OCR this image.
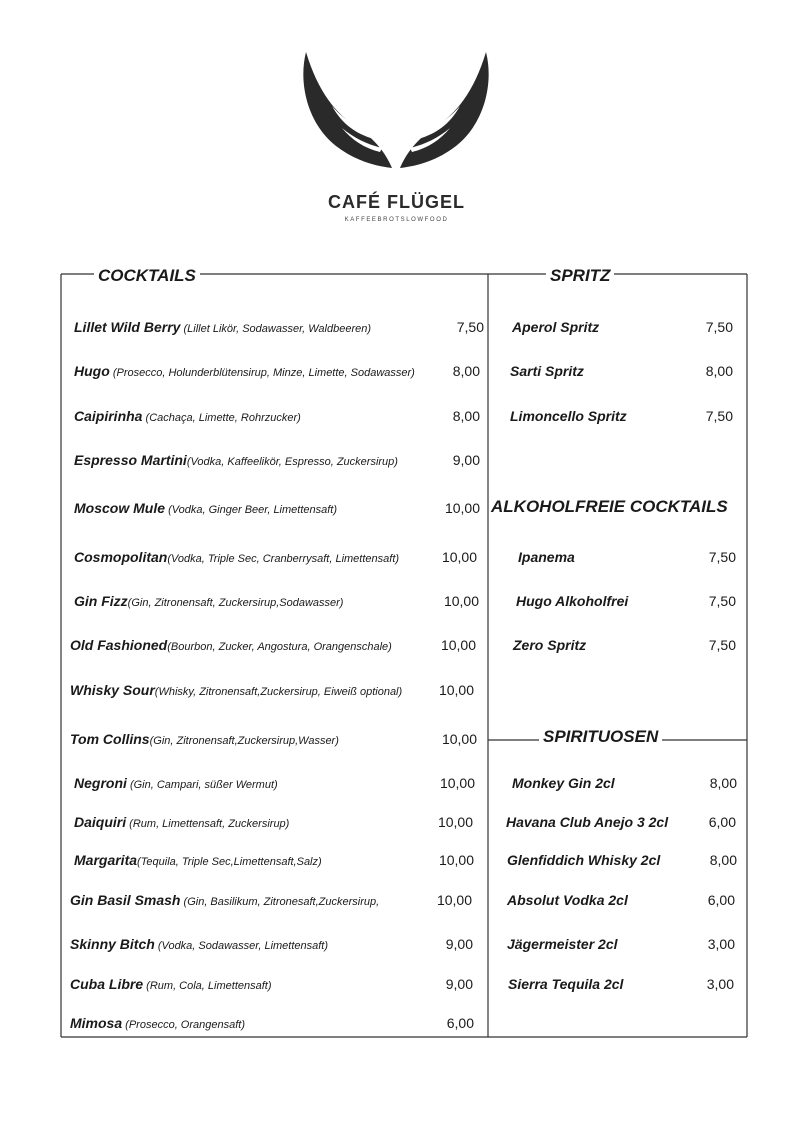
CAFÉ FLÜGEL
KAFFEEBROTSLOWFOOD
COCKTAILS	SPRITZ
ALKOHOLFREIE COCKTAILS
SPIRITUOSEN
Lillet Wild Berry (Lillet Likör, Sodawasser, Waldbeeren)	7,50
Hugo (Prosecco, Holunderblütensirup, Minze, Limette, Sodawasser)	8,00
Caipirinha (Cachaça, Limette, Rohrzucker)	8,00
Espresso Martini(Vodka, Kaffeelikör, Espresso, Zuckersirup)	9,00
Moscow Mule (Vodka, Ginger Beer, Limettensaft)	10,00
Cosmopolitan(Vodka, Triple Sec, Cranberrysaft, Limettensaft)	10,00
Gin Fizz(Gin, Zitronensaft, Zuckersirup,Sodawasser)	10,00
Old Fashioned(Bourbon, Zucker, Angostura, Orangenschale)	10,00
Whisky Sour(Whisky, Zitronensaft,Zuckersirup, Eiweiß optional)	10,00
Tom Collins(Gin, Zitronensaft,Zuckersirup,Wasser)	10,00
Negroni (Gin, Campari, süßer Wermut)	10,00
Daiquiri (Rum, Limettensaft, Zuckersirup)	10,00
Margarita(Tequila, Triple Sec,Limettensaft,Salz)	10,00
Gin Basil Smash (Gin, Basilikum, Zitronesaft,Zuckersirup,	10,00
Skinny Bitch (Vodka, Sodawasser, Limettensaft)	9,00
Cuba Libre (Rum, Cola, Limettensaft)	9,00
Mimosa (Prosecco, Orangensaft)	6,00
Aperol Spritz	7,50
Sarti Spritz	8,00
Limoncello Spritz	7,50
Ipanema	7,50
Hugo Alkoholfrei	7,50
Zero Spritz	7,50
Monkey Gin 2cl	8,00
Havana Club Anejo 3 2cl	6,00
Glenfiddich Whisky 2cl	8,00
Absolut Vodka 2cl	6,00
Jägermeister 2cl	3,00
Sierra Tequila 2cl	3,00
